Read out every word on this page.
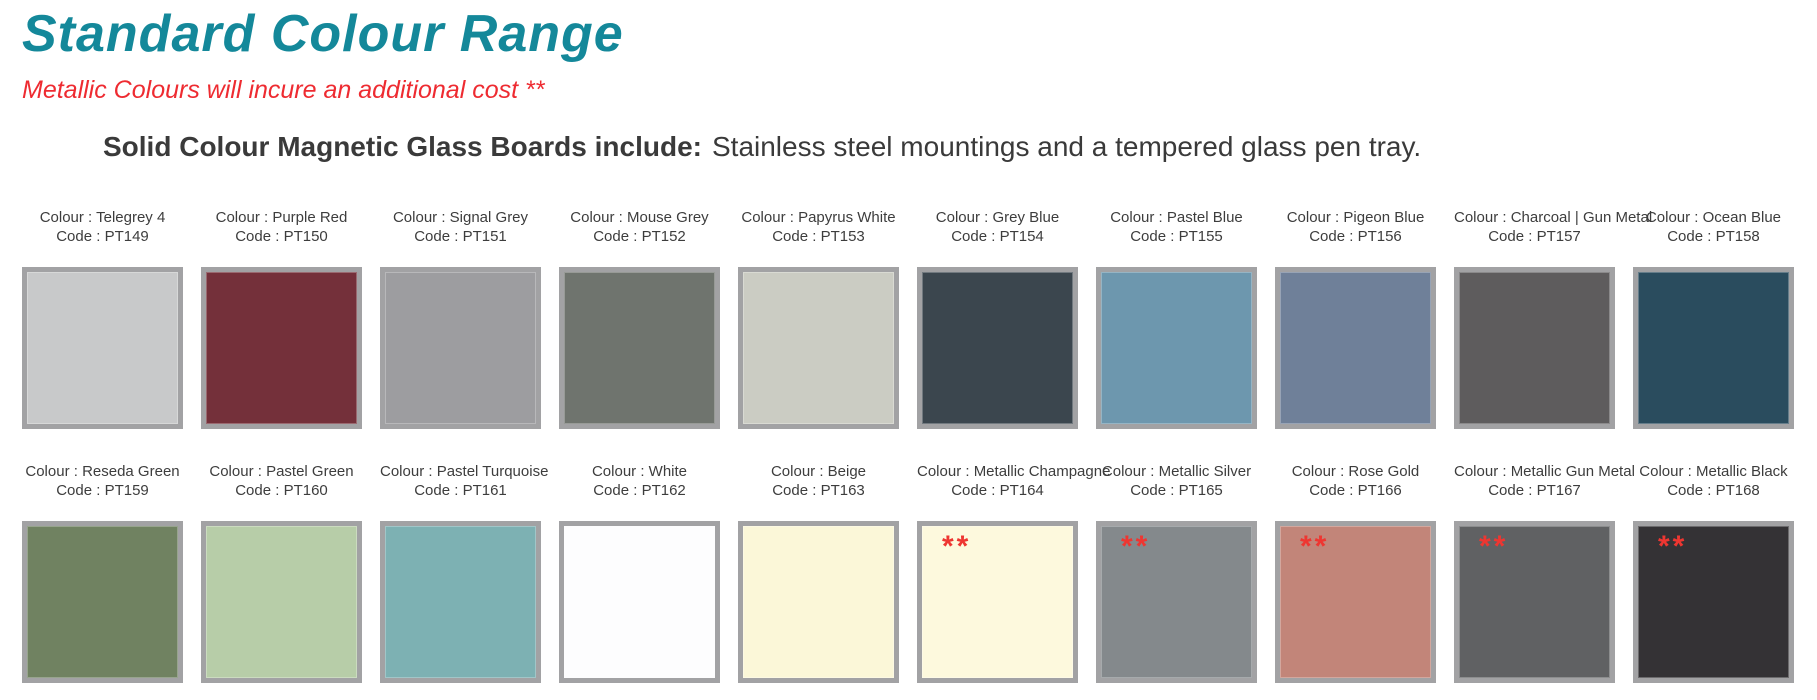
Standard Colour Range
Metallic Colours will incure an additional cost **
Solid Colour Magnetic Glass Boards include: Stainless steel mountings and a tempered glass pen tray.
Colour : Telegrey 4
Code : PT149
Colour : Purple Red
Code : PT150
Colour : Signal Grey
Code : PT151
Colour : Mouse Grey
Code : PT152
Colour : Papyrus White
Code : PT153
Colour : Grey Blue
Code : PT154
Colour : Pastel Blue
Code : PT155
Colour : Pigeon Blue
Code : PT156
Colour : Charcoal | Gun Metal
Code : PT157
Colour : Ocean Blue
Code : PT158
Colour : Reseda Green
Code : PT159
Colour : Pastel Green
Code : PT160
Colour : Pastel Turquoise
Code : PT161
Colour : White
Code : PT162
Colour : Beige
Code : PT163
Colour : Metallic Champagne
Code : PT164
**
Colour : Metallic Silver
Code : PT165
**
Colour : Rose Gold
Code : PT166
**
Colour : Metallic Gun Metal
Code : PT167
**
Colour : Metallic Black
Code : PT168
**
